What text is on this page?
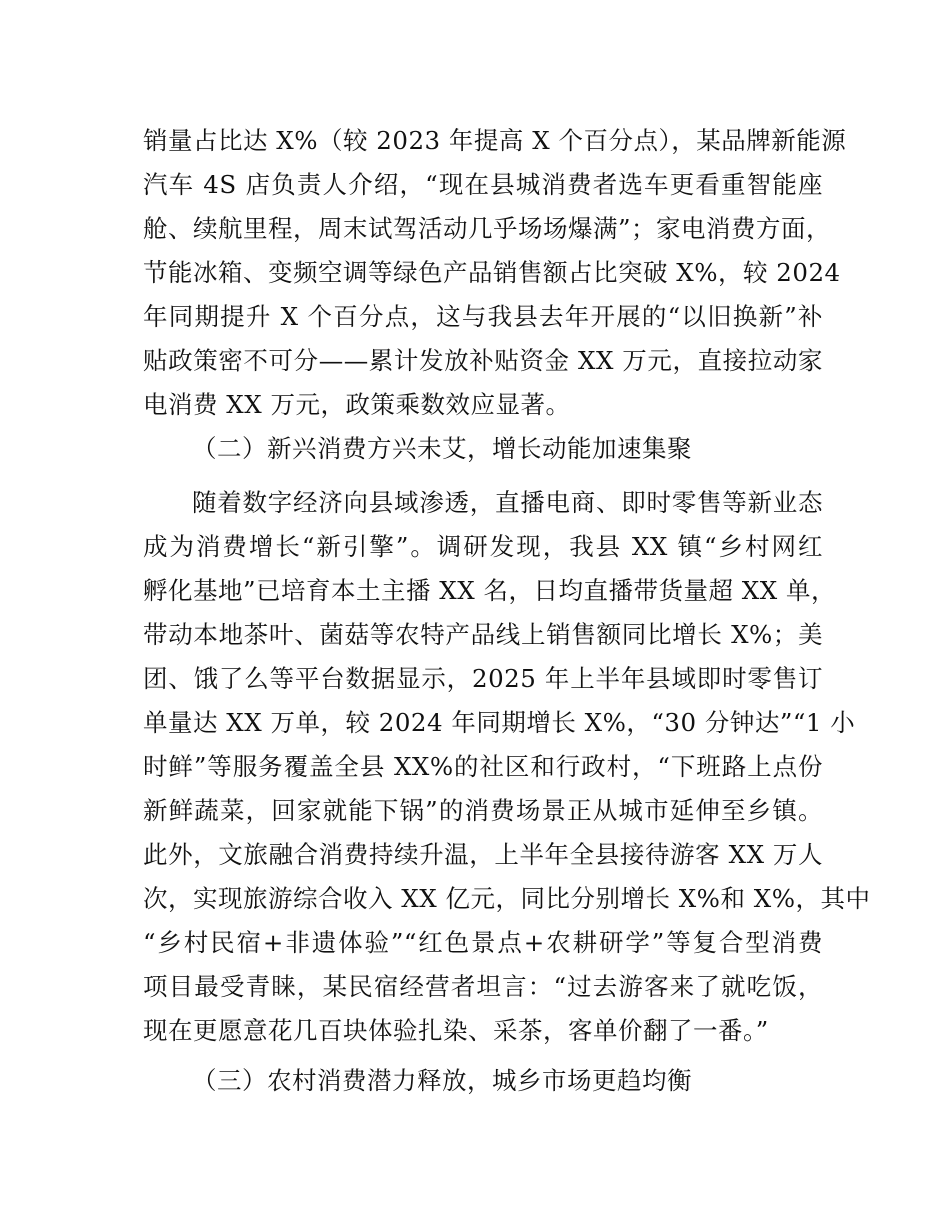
销量占比达 X%（较 2023 年提高 X 个百分点），某品牌新能源
汽车 4S 店负责人介绍，“现在县城消费者选车更看重智能座
舱、续航里程，周末试驾活动几乎场场爆满”；家电消费方面，
节能冰箱、变频空调等绿色产品销售额占比突破 X%，较 2024
年同期提升 X 个百分点，这与我县去年开展的“以旧换新”补
贴政策密不可分——累计发放补贴资金 XX 万元，直接拉动家
电消费 XX 万元，政策乘数效应显著。
（二）新兴消费方兴未艾，增长动能加速集聚
随着数字经济向县域渗透，直播电商、即时零售等新业态
成为消费增长“新引擎”。调研发现，我县 XX 镇“乡村网红
孵化基地”已培育本土主播 XX 名，日均直播带货量超 XX 单，
带动本地茶叶、菌菇等农特产品线上销售额同比增长 X%；美
团、饿了么等平台数据显示，2025 年上半年县域即时零售订
单量达 XX 万单，较 2024 年同期增长 X%，“30 分钟达”“1 小
时鲜”等服务覆盖全县 XX%的社区和行政村，“下班路上点份
新鲜蔬菜，回家就能下锅”的消费场景正从城市延伸至乡镇。
此外，文旅融合消费持续升温，上半年全县接待游客 XX 万人
次，实现旅游综合收入 XX 亿元，同比分别增长 X%和 X%，其中
“乡村民宿+非遗体验”“红色景点+农耕研学”等复合型消费
项目最受青睐，某民宿经营者坦言：“过去游客来了就吃饭，
现在更愿意花几百块体验扎染、采茶，客单价翻了一番。”
（三）农村消费潜力释放，城乡市场更趋均衡
